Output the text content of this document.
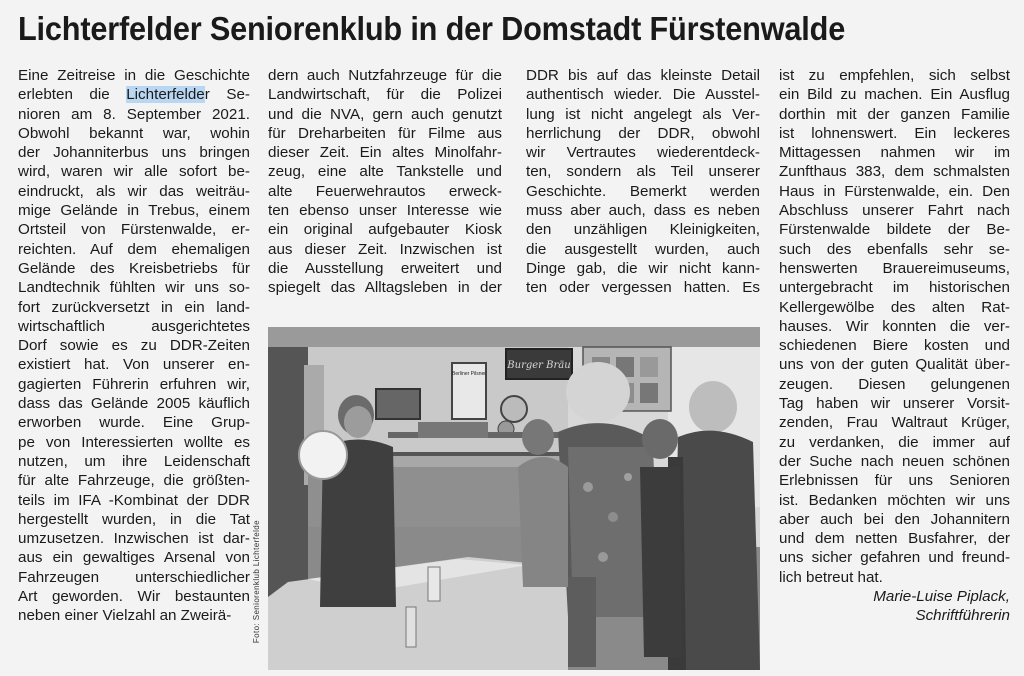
Lichterfelder Seniorenklub in der Domstadt Fürstenwalde
Eine Zeitreise in die Geschichte
erlebten die Lichterfelder Se-
nioren am 8. September 2021.
Obwohl bekannt war, wohin
der Johanniterbus uns bringen
wird, waren wir alle sofort be-
eindruckt, als wir das weiträu-
mige Gelände in Trebus, einem
Ortsteil von Fürstenwalde, er-
reichten. Auf dem ehemaligen
Gelände des Kreisbetriebs für
Landtechnik fühlten wir uns so-
fort zurückversetzt in ein land-
wirtschaftlich ausgerichtetes
Dorf sowie es zu DDR-Zeiten
existiert hat. Von unserer en-
gagierten Führerin erfuhren wir,
dass das Gelände 2005 käuflich
erworben wurde. Eine Grup-
pe von Interessierten wollte es
nutzen, um ihre Leidenschaft
für alte Fahrzeuge, die größten-
teils im IFA -Kombinat der DDR
hergestellt wurden, in die Tat
umzusetzen. Inzwischen ist dar-
aus ein gewaltiges Arsenal von
Fahrzeugen unterschiedlicher
Art geworden. Wir bestaunten
neben einer Vielzahl an Zweirä-
dern auch Nutzfahrzeuge für die
Landwirtschaft, für die Polizei
und die NVA, gern auch genutzt
für Dreharbeiten für Filme aus
dieser Zeit. Ein altes Minolfahr-
zeug, eine alte Tankstelle und
alte Feuerwehrautos erweck-
ten ebenso unser Interesse wie
ein original aufgebauter Kiosk
aus dieser Zeit. Inzwischen ist
die Ausstellung erweitert und
spiegelt das Alltagsleben in der
DDR bis auf das kleinste Detail
authentisch wieder. Die Ausstel-
lung ist nicht angelegt als Ver-
herrlichung der DDR, obwohl
wir Vertrautes wiederentdeck-
ten, sondern als Teil unserer
Geschichte. Bemerkt werden
muss aber auch, dass es neben
den unzähligen Kleinigkeiten,
die ausgestellt wurden, auch
Dinge gab, die wir nicht kann-
ten oder vergessen hatten. Es
ist zu empfehlen, sich selbst
ein Bild zu machen. Ein Ausflug
dorthin mit der ganzen Familie
ist lohnenswert. Ein leckeres
Mittagessen nahmen wir im
Zunfthaus 383, dem schmalsten
Haus in Fürstenwalde, ein. Den
Abschluss unserer Fahrt nach
Fürstenwalde bildete der Be-
such des ebenfalls sehr se-
henswerten Brauereimuseums,
untergebracht im historischen
Kellergewölbe des alten Rat-
hauses. Wir konnten die ver-
schiedenen Biere kosten und
uns von der guten Qualität über-
zeugen. Diesen gelungenen
Tag haben wir unserer Vorsit-
zenden, Frau Waltraut Krüger,
zu verdanken, die immer auf
der Suche nach neuen schönen
Erlebnissen für uns Senioren
ist. Bedanken möchten wir uns
aber auch bei den Johannitern
und dem netten Busfahrer, der
uns sicher gefahren und freund-
lich betreut hat.
Marie-Luise Piplack,
Schriftführerin
Foto: Seniorenklub Lichterfelde
Burger Bräu
Berliner Pilsner
